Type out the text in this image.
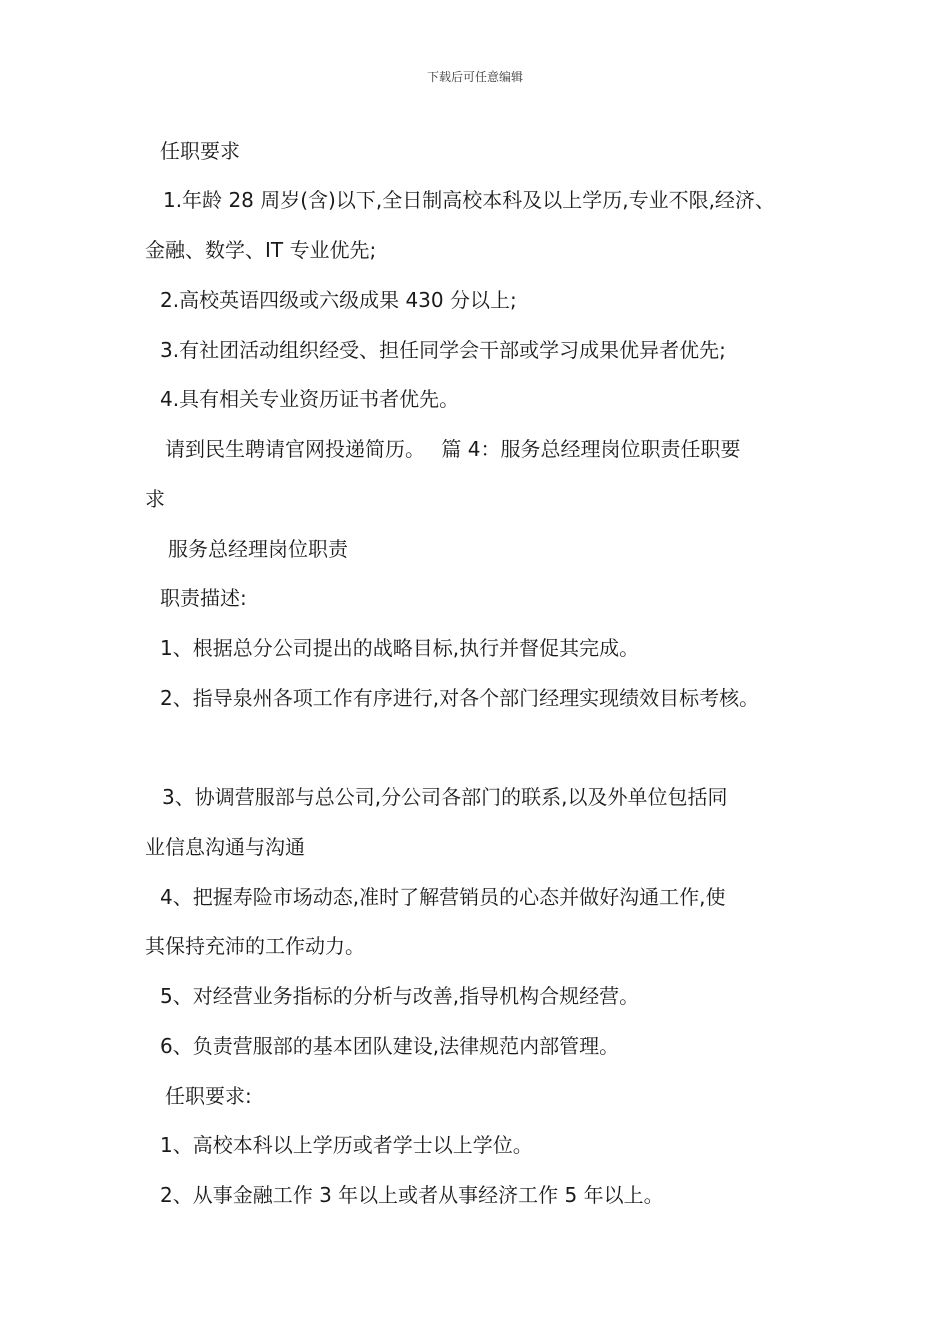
下载后可任意编辑
任职要求
1.年龄 28 周岁(含)以下,全日制高校本科及以上学历,专业不限,经济、
金融、数学、IT 专业优先;
2.高校英语四级或六级成果 430 分以上;
3.有社团活动组织经受、担任同学会干部或学习成果优异者优先;
4.具有相关专业资历证书者优先。
请到民生聘请官网投递简历。　 篇 4：服务总经理岗位职责任职要
求
服务总经理岗位职责
职责描述:
1、根据总分公司提出的战略目标,执行并督促其完成。
2、指导泉州各项工作有序进行,对各个部门经理实现绩效目标考核。
3、协调营服部与总公司,分公司各部门的联系,以及外单位包括同
业信息沟通与沟通
4、把握寿险市场动态,准时了解营销员的心态并做好沟通工作,使
其保持充沛的工作动力。
5、对经营业务指标的分析与改善,指导机构合规经营。
6、负责营服部的基本团队建设,法律规范内部管理。
任职要求:
1、高校本科以上学历或者学士以上学位。
2、从事金融工作 3 年以上或者从事经济工作 5 年以上。
